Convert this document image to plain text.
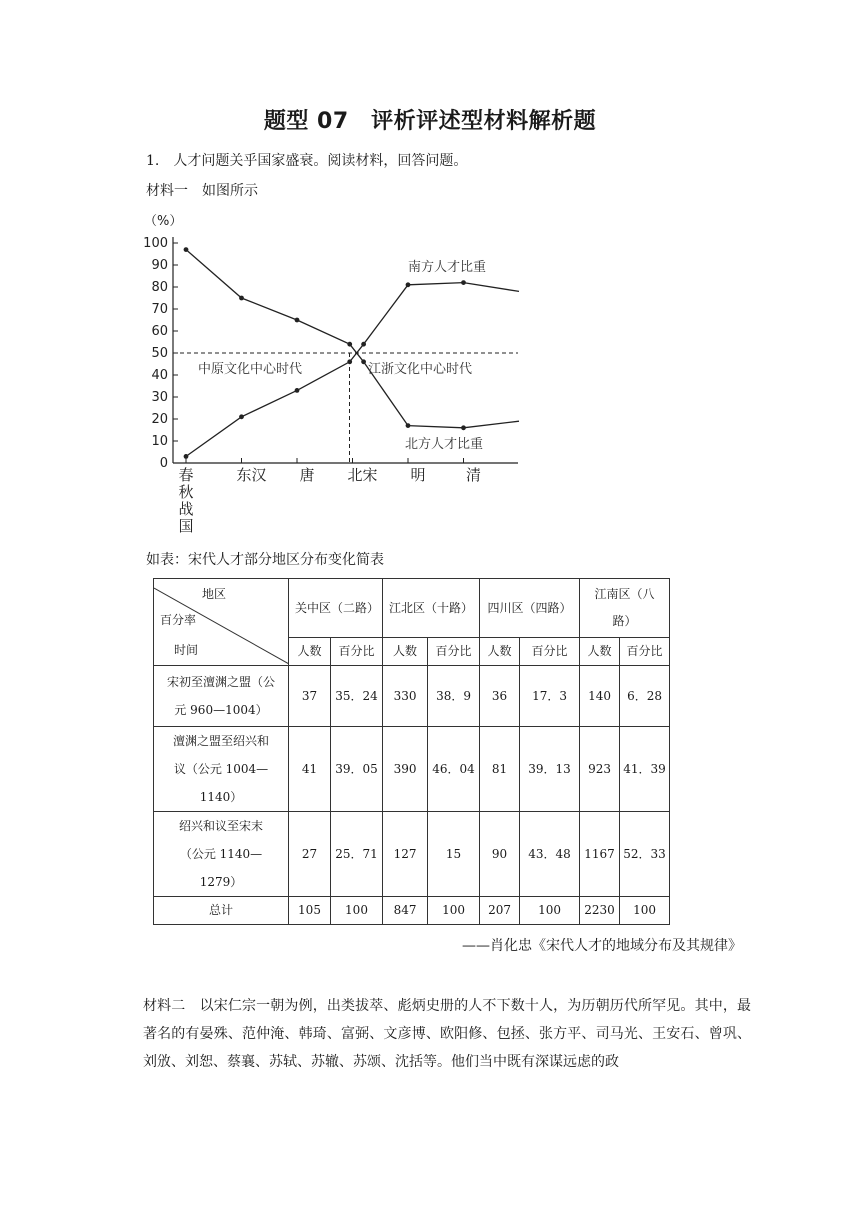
题型 07　评析评述型材料解析题
1. 人才问题关乎国家盛衰。阅读材料，回答问题。
材料一 如图所示
（%）
0
10
20
30
40
50
60
70
80
90
100
春
秋
战
国
东汉 唐 北宋 明	清
南方人才比重
北方人才比重
中原文化中心时代	江浙文化中心时代
如表：宋代人才部分地区分布变化简表
地区
百分率
时间	关中区（二路）		江北区（十路）		四川区（四路）		江南区（八路）	
	人数	百分比	人数	百分比	人数	百分比	人数	百分比
宋初至澶渊之盟（公元 960—1004）	37	35．24	330	38．9	36	17．3	140	6．28
澶渊之盟至绍兴和议（公元 1004—1140）	41	39．05	390	46．04	81	39．13	923	41．39
绍兴和议至宋末（公元 1140—1279）	27	25．71	127	15	90	43．48	1167	52．33
总计	105	100	847	100	207	100	2230	100
——肖化忠《宋代人才的地域分布及其规律》
材料二 以宋仁宗一朝为例，出类拔萃、彪炳史册的人不下数十人，为历朝历代所罕见。其中，最著名的有晏殊、范仲淹、韩琦、富弼、文彦博、欧阳修、包拯、张方平、司马光、王安石、曾巩、刘攽、刘恕、蔡襄、苏轼、苏辙、苏颂、沈括等。他们当中既有深谋远虑的政
